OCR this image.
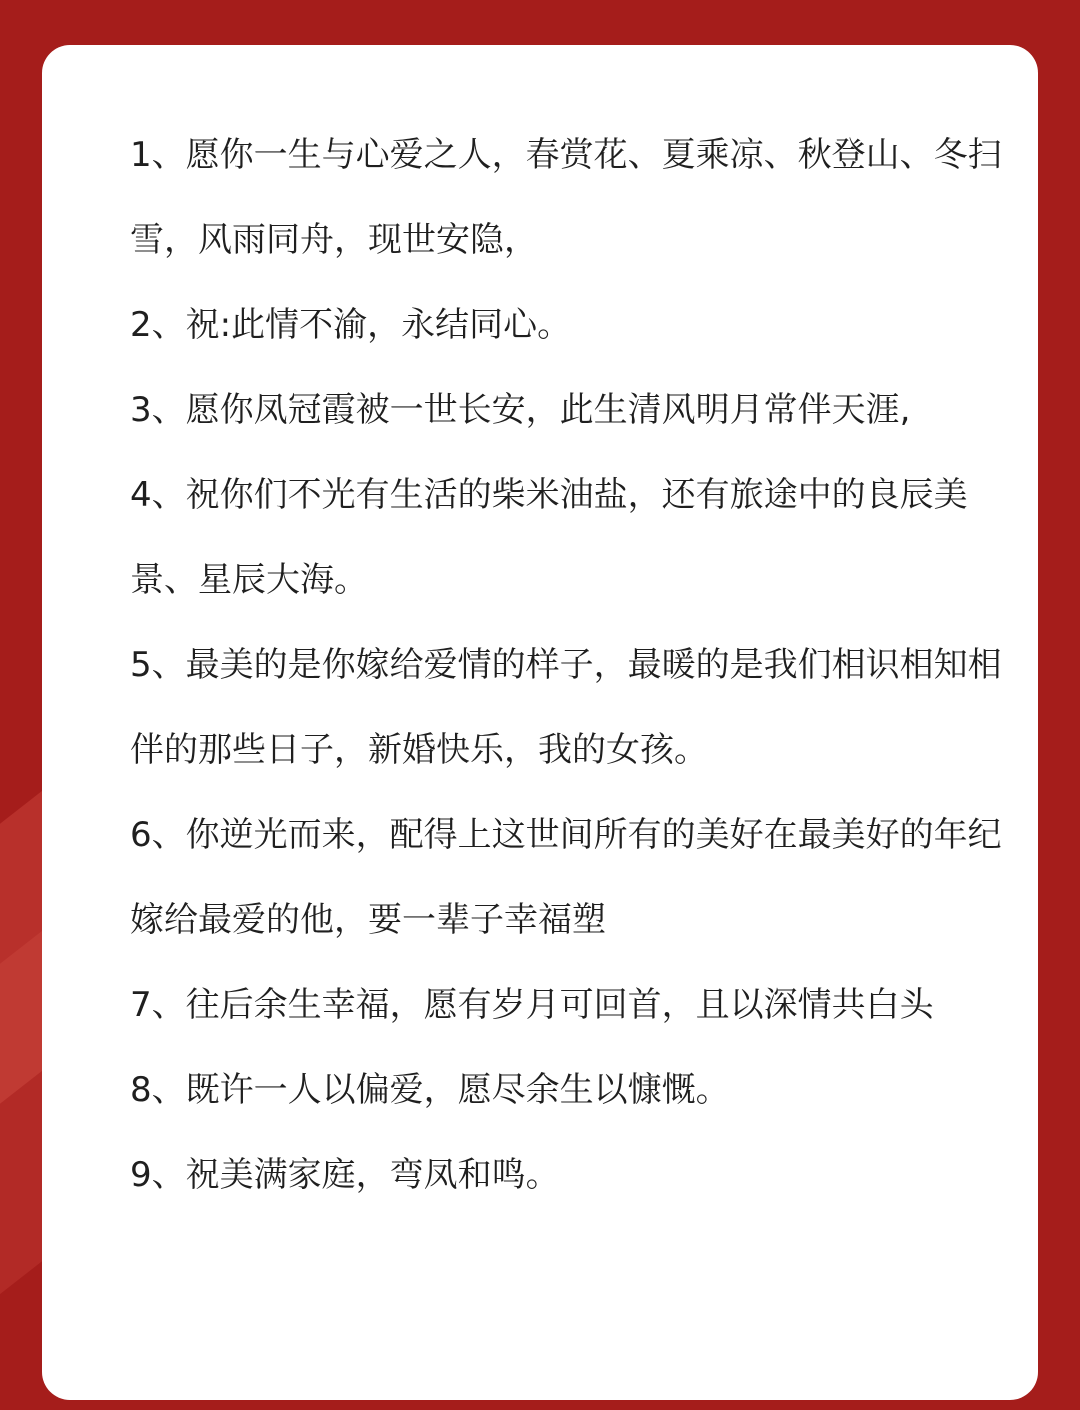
1、愿你一生与心爱之人，春赏花、夏乘凉、秋登山、冬扫雪，风雨同舟，现世安隐，
2、祝:此情不渝，永结同心。
3、愿你凤冠霞被一世长安，此生清风明月常伴天涯,
4、祝你们不光有生活的柴米油盐，还有旅途中的良辰美景、星辰大海。
5、最美的是你嫁给爱情的样子，最暖的是我们相识相知相伴的那些日子，新婚快乐，我的女孩。
6、你逆光而来，配得上这世间所有的美好在最美好的年纪嫁给最爱的他，要一辈子幸福塑
7、往后余生幸福，愿有岁月可回首，且以深情共白头
8、既许一人以偏爱，愿尽余生以慷慨。
9、祝美满家庭，弯凤和鸣。
